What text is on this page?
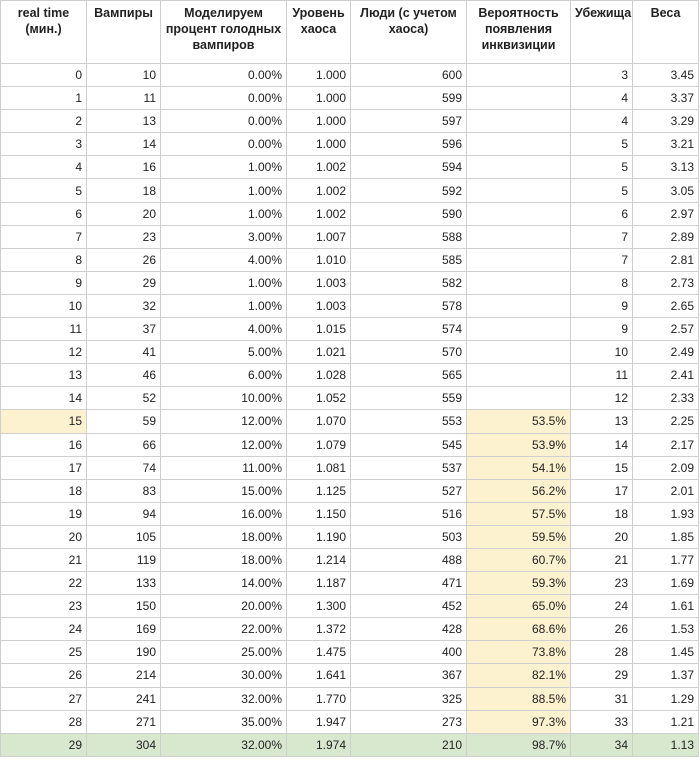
real time (мин.)	Вампиры	Моделируем процент голодных вампиров	Уровень хаоса	Люди (с учетом хаоса)	Вероятность появления инквизиции	Убежища	Веса
0	10	0.00%	1.000	600		3	3.45
1	11	0.00%	1.000	599		4	3.37
2	13	0.00%	1.000	597		4	3.29
3	14	0.00%	1.000	596		5	3.21
4	16	1.00%	1.002	594		5	3.13
5	18	1.00%	1.002	592		5	3.05
6	20	1.00%	1.002	590		6	2.97
7	23	3.00%	1.007	588		7	2.89
8	26	4.00%	1.010	585		7	2.81
9	29	1.00%	1.003	582		8	2.73
10	32	1.00%	1.003	578		9	2.65
11	37	4.00%	1.015	574		9	2.57
12	41	5.00%	1.021	570		10	2.49
13	46	6.00%	1.028	565		11	2.41
14	52	10.00%	1.052	559		12	2.33
15	59	12.00%	1.070	553	53.5%	13	2.25
16	66	12.00%	1.079	545	53.9%	14	2.17
17	74	11.00%	1.081	537	54.1%	15	2.09
18	83	15.00%	1.125	527	56.2%	17	2.01
19	94	16.00%	1.150	516	57.5%	18	1.93
20	105	18.00%	1.190	503	59.5%	20	1.85
21	119	18.00%	1.214	488	60.7%	21	1.77
22	133	14.00%	1.187	471	59.3%	23	1.69
23	150	20.00%	1.300	452	65.0%	24	1.61
24	169	22.00%	1.372	428	68.6%	26	1.53
25	190	25.00%	1.475	400	73.8%	28	1.45
26	214	30.00%	1.641	367	82.1%	29	1.37
27	241	32.00%	1.770	325	88.5%	31	1.29
28	271	35.00%	1.947	273	97.3%	33	1.21
29	304	32.00%	1.974	210	98.7%	34	1.13
